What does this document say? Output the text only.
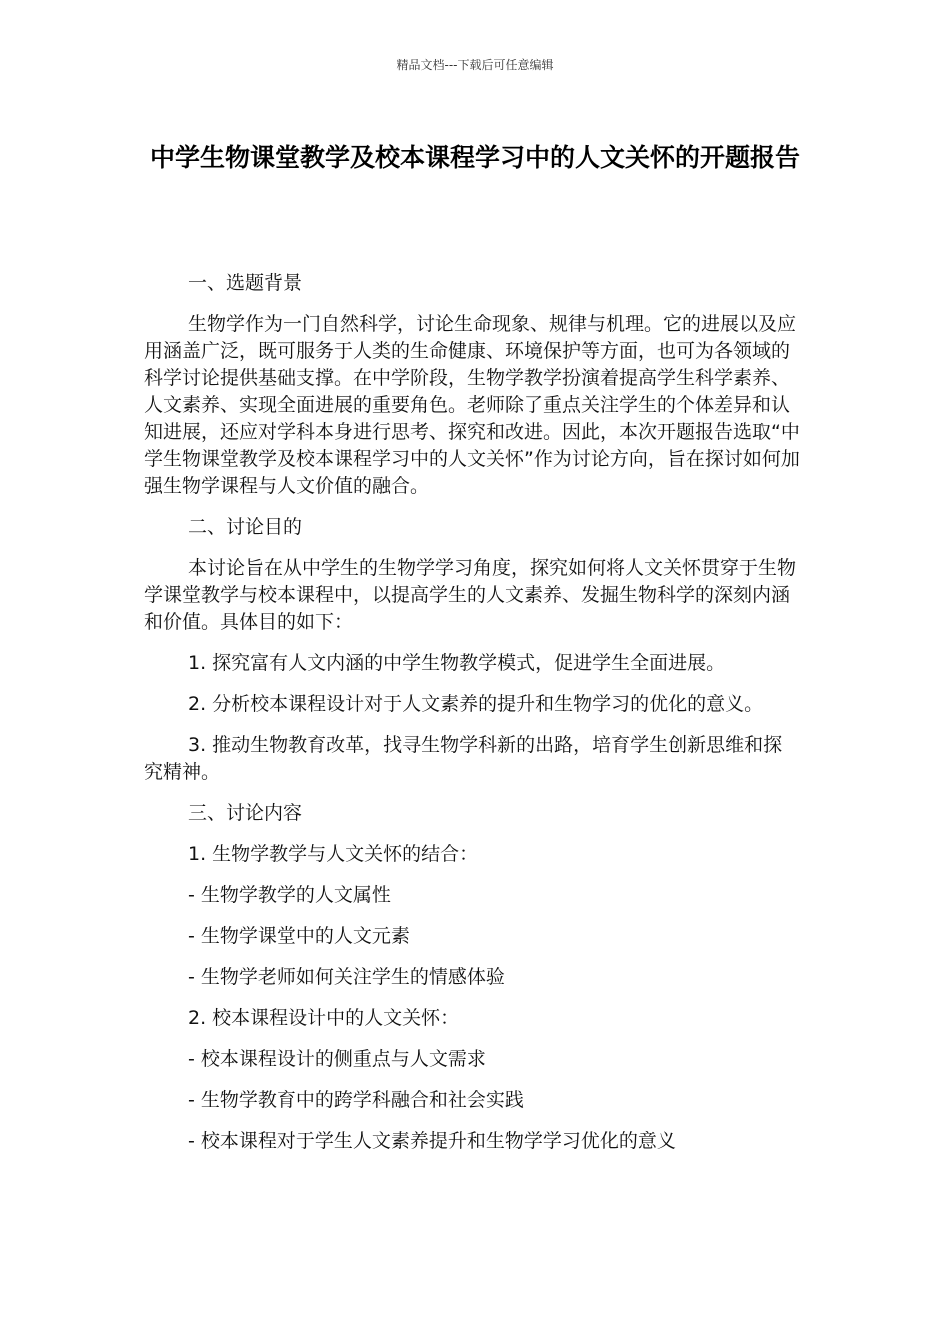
精品文档---下载后可任意编辑
中学生物课堂教学及校本课程学习中的人文关怀的开题报告

一、选题背景

生物学作为一门自然科学，讨论生命现象、规律与机理。它的进展以及应用涵盖广泛，既可服务于人类的生命健康、环境保护等方面，也可为各领域的科学讨论提供基础支撑。在中学阶段，生物学教学扮演着提高学生科学素养、人文素养、实现全面进展的重要角色。老师除了重点关注学生的个体差异和认知进展，还应对学科本身进行思考、探究和改进。因此，本次开题报告选取“中学生物课堂教学及校本课程学习中的人文关怀”作为讨论方向，旨在探讨如何加强生物学课程与人文价值的融合。

二、讨论目的

本讨论旨在从中学生的生物学学习角度，探究如何将人文关怀贯穿于生物学课堂教学与校本课程中，以提高学生的人文素养、发掘生物科学的深刻内涵和价值。具体目的如下：

1. 探究富有人文内涵的中学生物教学模式，促进学生全面进展。

2. 分析校本课程设计对于人文素养的提升和生物学习的优化的意义。

3. 推动生物教育改革，找寻生物学科新的出路，培育学生创新思维和探究精神。

三、讨论内容

1. 生物学教学与人文关怀的结合：

- 生物学教学的人文属性

- 生物学课堂中的人文元素

- 生物学老师如何关注学生的情感体验

2. 校本课程设计中的人文关怀：

- 校本课程设计的侧重点与人文需求

- 生物学教育中的跨学科融合和社会实践

- 校本课程对于学生人文素养提升和生物学学习优化的意义
